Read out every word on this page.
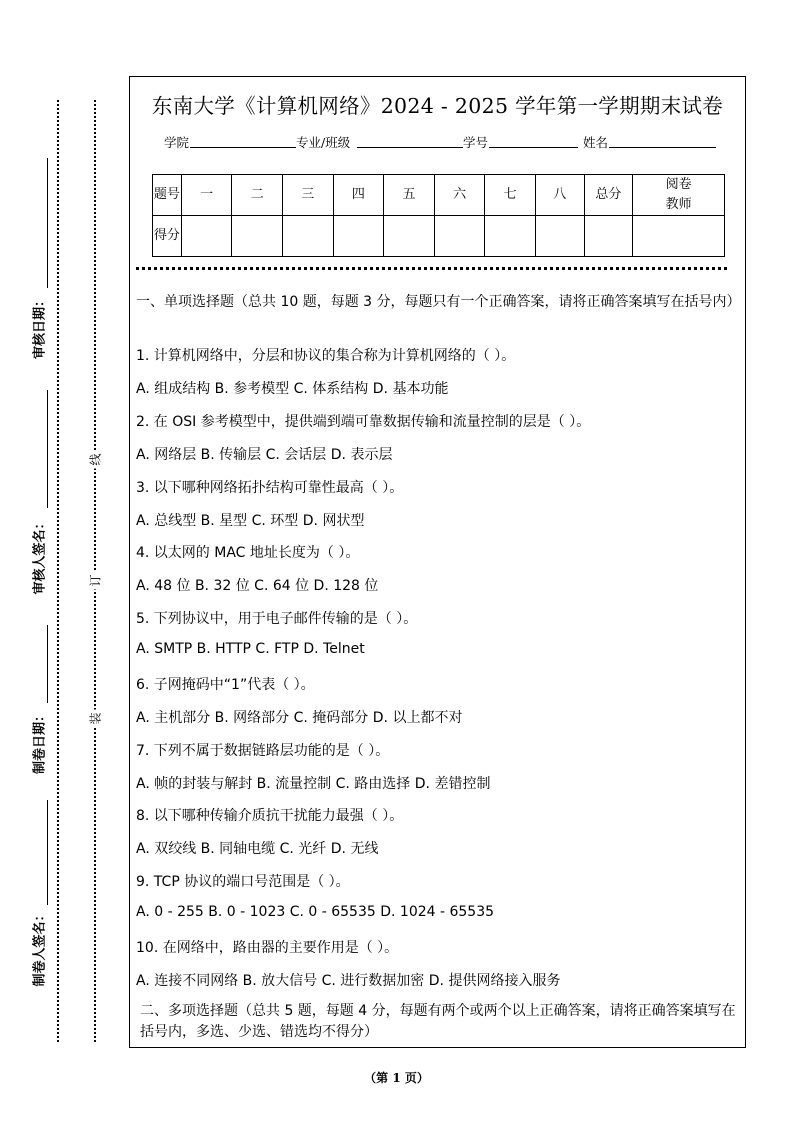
审核日期：
审核人签名：
制卷日期：
制卷人签名：
线
订
装
东南大学《计算机网络》2024 - 2025 学年第一学期期末试卷
学院	专业/班级	学号	姓名
题号	一	二	三	四	五	六	七	八	总分	阅卷教师
得分										
一、单项选择题（总共 10 题，每题 3 分，每题只有一个正确答案，请将正确答案填写在括号内）
1. 计算机网络中，分层和协议的集合称为计算机网络的（ ）。
A. 组成结构 B. 参考模型 C. 体系结构 D. 基本功能
2. 在 OSI 参考模型中，提供端到端可靠数据传输和流量控制的层是（ ）。
A. 网络层 B. 传输层 C. 会话层 D. 表示层
3. 以下哪种网络拓扑结构可靠性最高（ ）。
A. 总线型 B. 星型 C. 环型 D. 网状型
4. 以太网的 MAC 地址长度为（ ）。
A. 48 位 B. 32 位 C. 64 位 D. 128 位
5. 下列协议中，用于电子邮件传输的是（ ）。
A. SMTP B. HTTP C. FTP D. Telnet
6. 子网掩码中“1”代表（ ）。
A. 主机部分 B. 网络部分 C. 掩码部分 D. 以上都不对
7. 下列不属于数据链路层功能的是（ ）。
A. 帧的封装与解封 B. 流量控制 C. 路由选择 D. 差错控制
8. 以下哪种传输介质抗干扰能力最强（ ）。
A. 双绞线 B. 同轴电缆 C. 光纤 D. 无线
9. TCP 协议的端口号范围是（ ）。
A. 0 - 255 B. 0 - 1023 C. 0 - 65535 D. 1024 - 65535
10. 在网络中，路由器的主要作用是（ ）。
A. 连接不同网络 B. 放大信号 C. 进行数据加密 D. 提供网络接入服务
二、多项选择题（总共 5 题，每题 4 分，每题有两个或两个以上正确答案，请将正确答案填写在括号内，多选、少选、错选均不得分）
（第 1 页）
